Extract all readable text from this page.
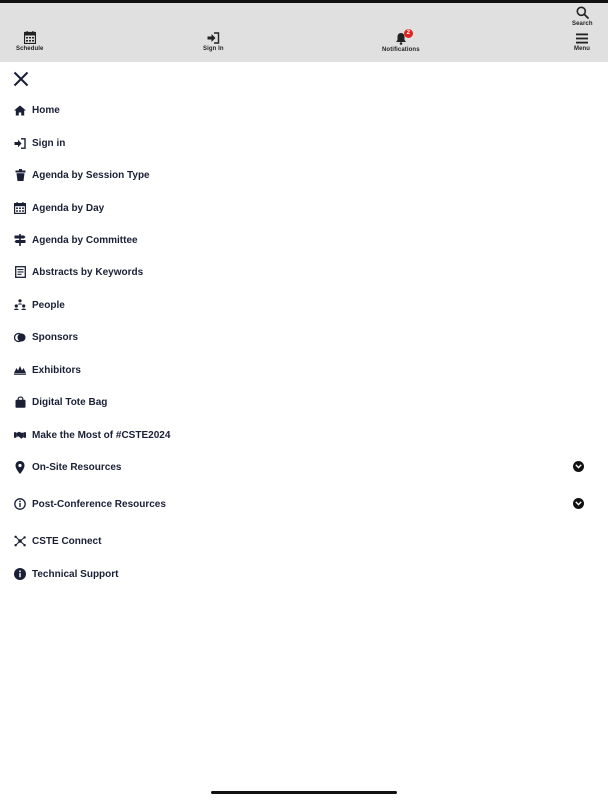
Schedule	Sign In
2
Notifications
Search
Menu
Home
Sign in
Agenda by Session Type
Agenda by Day
Agenda by Committee
Abstracts by Keywords
People
Sponsors
Exhibitors
Digital Tote Bag
Make the Most of #CSTE2024
On-Site Resources
Post-Conference Resources
CSTE Connect
Technical Support
